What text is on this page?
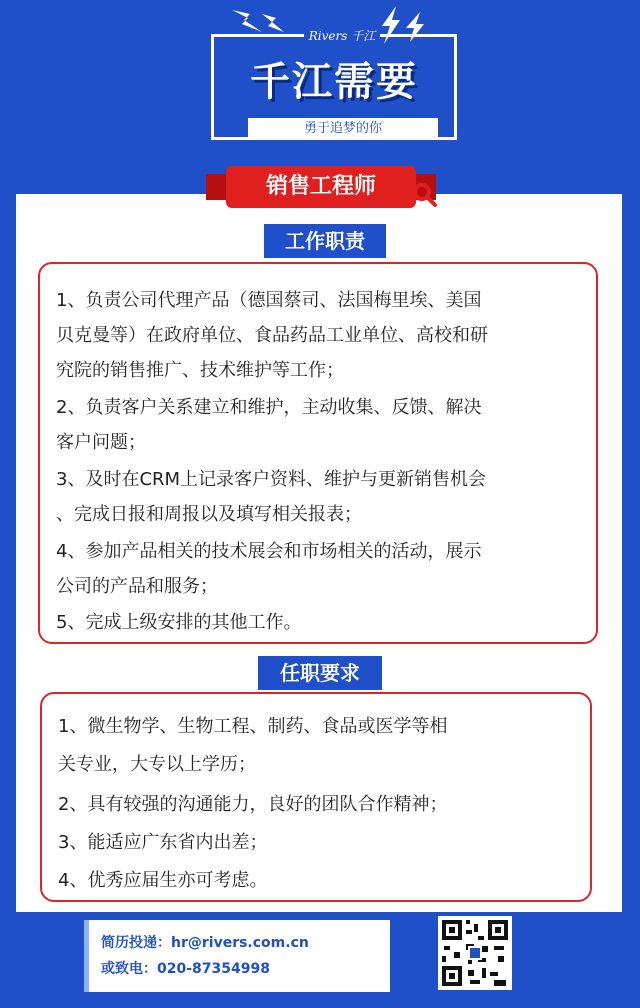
Rivers 千江
千江需要
勇于追梦的你
销售工程师
工作职责
1、负责公司代理产品（德国蔡司、法国梅里埃、美国
贝克曼等）在政府单位、食品药品工业单位、高校和研
究院的销售推广、技术维护等工作；
2、负责客户关系建立和维护，主动收集、反馈、解决
客户问题；
3、及时在CRM上记录客户资料、维护与更新销售机会
、完成日报和周报以及填写相关报表；
4、参加产品相关的技术展会和市场相关的活动，展示
公司的产品和服务；
5、完成上级安排的其他工作。
任职要求
1、微生物学、生物工程、制药、食品或医学等相
关专业，大专以上学历；
2、具有较强的沟通能力，良好的团队合作精神；
3、能适应广东省内出差；
4、优秀应届生亦可考虑。
简历投递：hr@rivers.com.cn
或致电：020-87354998
